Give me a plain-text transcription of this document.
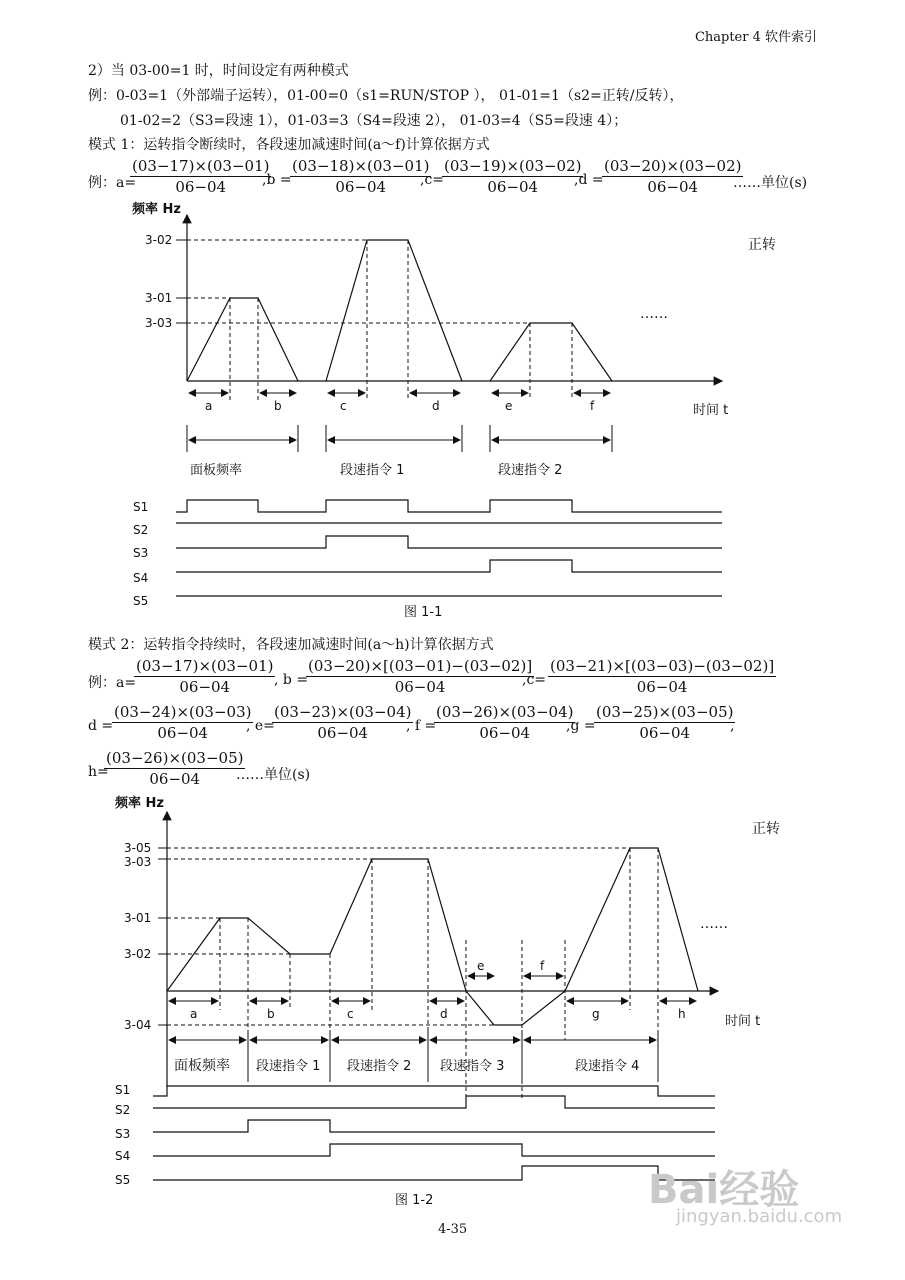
Chapter 4 软件索引
2）当 03-00=1 时，时间设定有两种模式
例：0-03=1（外部端子运转），01-00=0（s1=RUN/STOP ）， 01-01=1（s2=正转/反转），
01-02=2（S3=段速 1），01-03=3（S4=段速 2）， 01-03=4（S5=段速 4）；
模式 1：运转指令断续时，各段速加减速时间(a～f)计算依据方式
例：a=
$\frac{(03-17)\times(03-01)}{06-04}$
,b =
$\frac{(03-18)\times(03-01)}{06-04}$
,c=
$\frac{(03-19)\times(03-02)}{06-04}$
,d =
$\frac{(03-20)\times(03-02)}{06-04}$
……单位(s)
频率 Hz
时间 t
正转
……
3-02
3-01
3-03
a	b	c	d	e	f
面板频率	段速指令 1	段速指令 2
S1
S2
S3
S4
S5
图 1-1
模式 2：运转指令持续时，各段速加减速时间(a～h)计算依据方式
例：a=
$\frac{(03-17)\times(03-01)}{06-04}$
, b =
$\frac{(03-20)\times[(03-01)-(03-02)]}{06-04}$
$,c= \frac{(03-21)\times[(03-03)-(03-02)]}{06-04}$
d =
$\frac{(03-24)\times(03-03)}{06-04}$
, e=
$\frac{(03-23)\times(03-04)}{06-04}$
, f =
$\frac{(03-26)\times(03-04)}{06-04}$
,g =
$\frac{(03-25)\times(03-05)}{06-04}$
,
h=
$\frac{(03-26)\times(03-05)}{06-04}$
……单位(s)
频率 Hz
时间 t
正转
……
3-05
3-03
3-01
3-02
3-04
a	b	c	d
e	f
g	h
面板频率 段速指令 1 段速指令 2 段速指令 3	段速指令 4
S1
S2
S3
S4
S5
图 1-2
4-35
Bai经验
jingyan.baidu.com
